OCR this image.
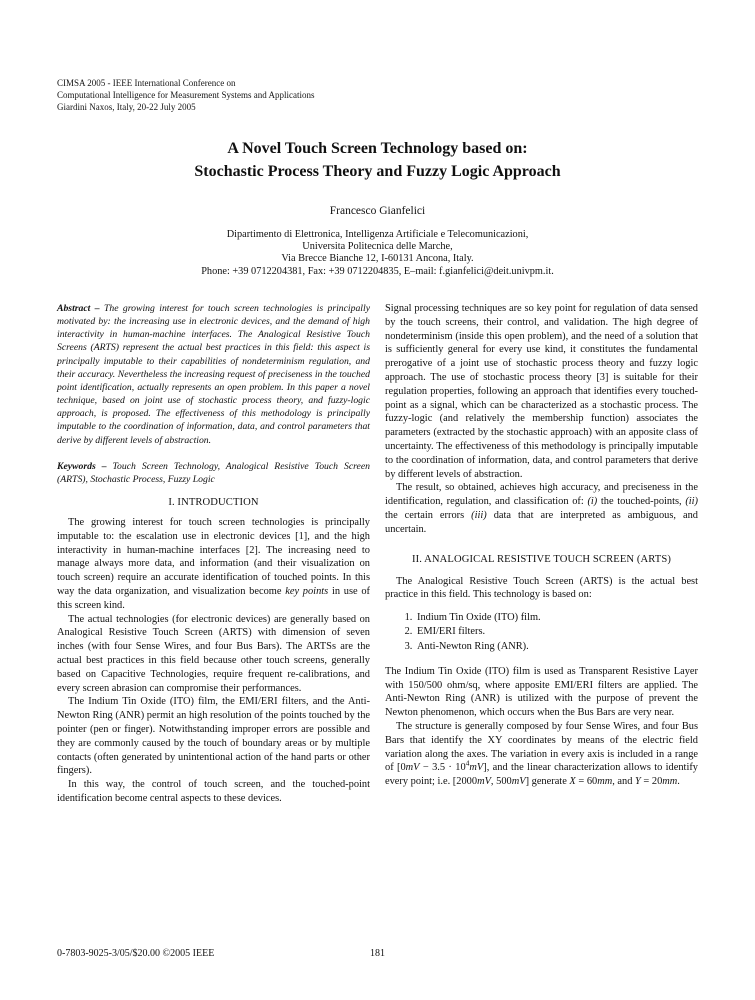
CIMSA 2005 - IEEE International Conference on
Computational Intelligence for Measurement Systems and Applications
Giardini Naxos, Italy, 20-22 July 2005
A Novel Touch Screen Technology based on:
Stochastic Process Theory and Fuzzy Logic Approach
Francesco Gianfelici
Dipartimento di Elettronica, Intelligenza Artificiale e Telecomunicazioni,
Universita Politecnica delle Marche,
Via Brecce Bianche 12, I-60131 Ancona, Italy.
Phone: +39 0712204381, Fax: +39 0712204835, E–mail: f.gianfelici@deit.univpm.it.

Abstract – The growing interest for touch screen technologies is principally motivated by: the increasing use in electronic devices, and the demand of high interactivity in human-machine interfaces. The Analogical Resistive Touch Screens (ARTS) represent the actual best practices in this field: this aspect is principally imputable to their capabilities of nondeterminism regulation, and their accuracy. Nevertheless the increasing request of preciseness in the touched point identification, actually represents an open problem. In this paper a novel technique, based on joint use of stochastic process theory, and fuzzy-logic approach, is proposed. The effectiveness of this methodology is principally imputable to the coordination of information, data, and control parameters that derive by different levels of abstraction.

Keywords – Touch Screen Technology, Analogical Resistive Touch Screen (ARTS), Stochastic Process, Fuzzy Logic

I. INTRODUCTION

The growing interest for touch screen technologies is principally imputable to: the escalation use in electronic devices [1], and the high interactivity in human-machine interfaces [2]. The increasing need to manage always more data, and information (and their visualization on touch screen) require an accurate identification of touched points. In this way the data organization, and visualization become key points in use of this screen kind.

The actual technologies (for electronic devices) are generally based on Analogical Resistive Touch Screen (ARTS) with dimension of seven inches (with four Sense Wires, and four Bus Bars). The ARTSs are the actual best practices in this field because other touch screens, generally based on Capacitive Technologies, require frequent re-calibrations, and every screen abrasion can compromise their performances.

The Indium Tin Oxide (ITO) film, the EMI/ERI filters, and the Anti-Newton Ring (ANR) permit an high resolution of the points touched by the pointer (pen or finger). Notwithstanding improper errors are possible and they are commonly caused by the touch of boundary areas or by multiple contacts (often generated by unintentional action of the hand parts or other fingers).

In this way, the control of touch screen, and the touched-point identification become central aspects to these devices.

Signal processing techniques are so key point for regulation of data sensed by the touch screens, their control, and validation. The high degree of nondeterminism (inside this open problem), and the need of a solution that is sufficiently general for every use kind, it constitutes the fundamental prerogative of a joint use of stochastic process theory and fuzzy logic approach. The use of stochastic process theory [3] is suitable for their regulation properties, following an approach that identifies every touched-point as a signal, which can be characterized as a stochastic process. The fuzzy-logic (and relatively the membership function) associates the parameters (extracted by the stochastic approach) with an apposite class of uncertainty. The effectiveness of this methodology is principally imputable to the coordination of information, data, and control parameters that derive by different levels of abstraction.

The result, so obtained, achieves high accuracy, and preciseness in the identification, regulation, and classification of: (i) the touched-points, (ii) the certain errors (iii) data that are interpreted as ambiguous, and uncertain.

II. ANALOGICAL RESISTIVE TOUCH SCREEN (ARTS)

The Analogical Resistive Touch Screen (ARTS) is the actual best practice in this field. This technology is based on:

1. Indium Tin Oxide (ITO) film.
2. EMI/ERI filters.
3. Anti-Newton Ring (ANR).

The Indium Tin Oxide (ITO) film is used as Transparent Resistive Layer with 150/500 ohm/sq, where apposite EMI/ERI filters are applied. The Anti-Newton Ring (ANR) is utilized with the purpose of prevent the Newton phenomenon, which occurs when the Bus Bars are very near.

The structure is generally composed by four Sense Wires, and four Bus Bars that identify the XY coordinates by means of the electric field variation along the axes. The variation in every axis is included in a range of $[0mV - 3.5 \cdot 10^4mV]$, and the linear characterization allows to identify every point; i.e. [2000mV, 500mV] generate X = 60mm, and Y = 20mm.

0-7803-9025-3/05/$20.00 ©2005 IEEE	181
